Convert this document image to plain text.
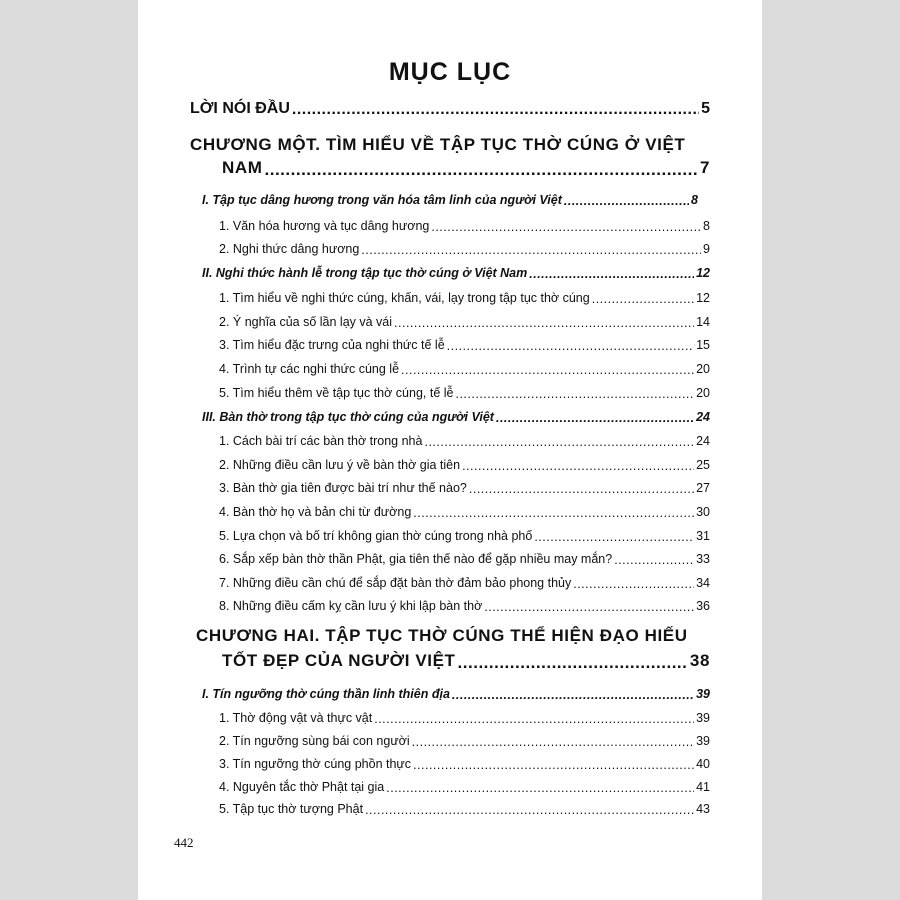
MỤC LỤC
LỜI NÓI ĐẦU .....	5
CHƯƠNG MỘT. TÌM HIỂU VỀ TẬP TỤC THỜ CÚNG Ở VIỆT
NAM .....	7
I. Tập tục dâng hương trong văn hóa tâm linh của người Việt .....	8
1. Văn hóa hương và tục dâng hương .....	8
2. Nghi thức dâng hương .....	9
II. Nghi thức hành lễ trong tập tục thờ cúng ở Việt Nam .....	12
1. Tìm hiểu về nghi thức cúng, khấn, vái, lạy trong tập tục thờ cúng .....	12
2. Ý nghĩa của số lần lạy và vái .....	14
3. Tìm hiểu đặc trưng của nghi thức tế lễ .....	15
4. Trình tự các nghi thức cúng lễ .....	20
5. Tìm hiểu thêm về tập tục thờ cúng, tế lễ .....	20
III. Bàn thờ trong tập tục thờ cúng của người Việt .....	24
1. Cách bài trí các bàn thờ trong nhà .....	24
2. Những điều cần lưu ý về bàn thờ gia tiên .....	25
3. Bàn thờ gia tiên được bài trí như thế nào? .....	27
4. Bàn thờ họ và bản chi từ đường .....	30
5. Lựa chọn và bố trí không gian thờ cúng trong nhà phố .....	31
6. Sắp xếp bàn thờ thần Phật, gia tiên thế nào để gặp nhiều may mắn? .....	33
7. Những điều cần chú để sắp đặt bàn thờ đảm bảo phong thủy .....	34
8. Những điều cấm kỵ cần lưu ý khi lập bàn thờ .....	36
CHƯƠNG HAI. TẬP TỤC THỜ CÚNG THỂ HIỆN ĐẠO HIẾU
TỐT ĐẸP CỦA NGƯỜI VIỆT .....	38
I. Tín ngưỡng thờ cúng thần linh thiên địa .....	39
1. Thờ động vật và thực vật .....	39
2. Tín ngưỡng sùng bái con người .....	39
3. Tín ngưỡng thờ cúng phồn thực .....	40
4. Nguyên tắc thờ Phật tại gia .....	41
5. Tập tục thờ tượng Phật .....	43
442
